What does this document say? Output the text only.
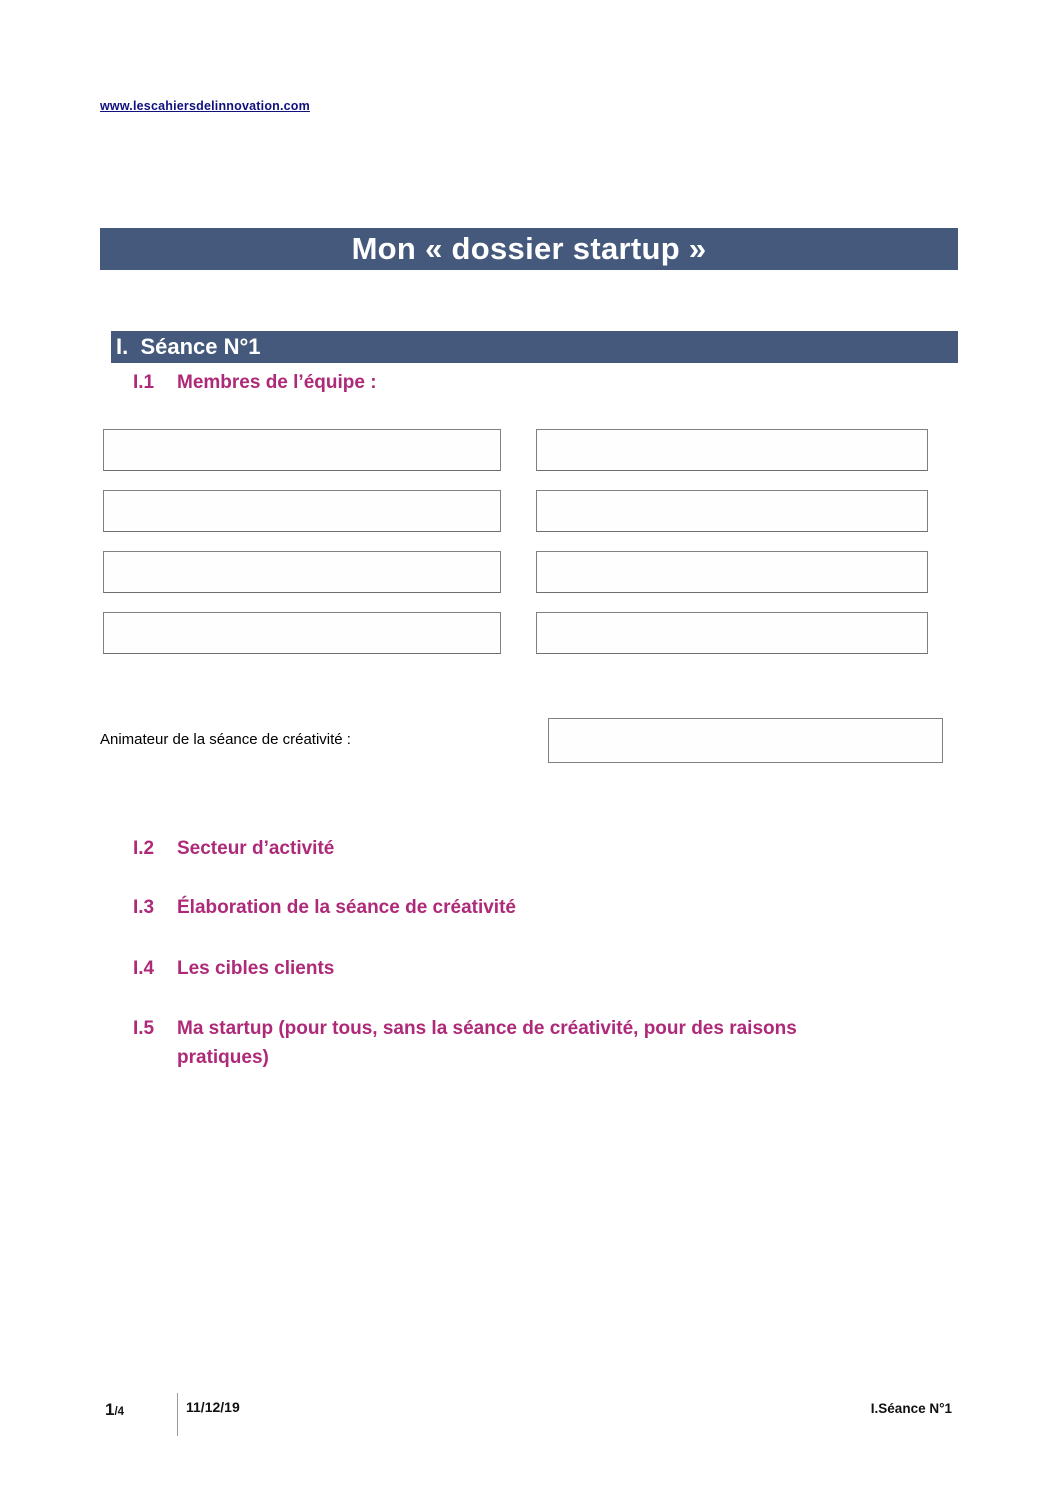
www.lescahiersdelinnovation.com
Mon « dossier startup »
I.  Séance N°1
I.1	Membres de l’équipe :
Animateur de la séance de créativité :
I.2	Secteur d’activité
I.3	Élaboration de la séance de créativité
I.4	Les cibles clients
I.5	Ma startup (pour tous, sans la séance de créativité, pour des raisons pratiques)
1/4	11/12/19	I.Séance N°1
